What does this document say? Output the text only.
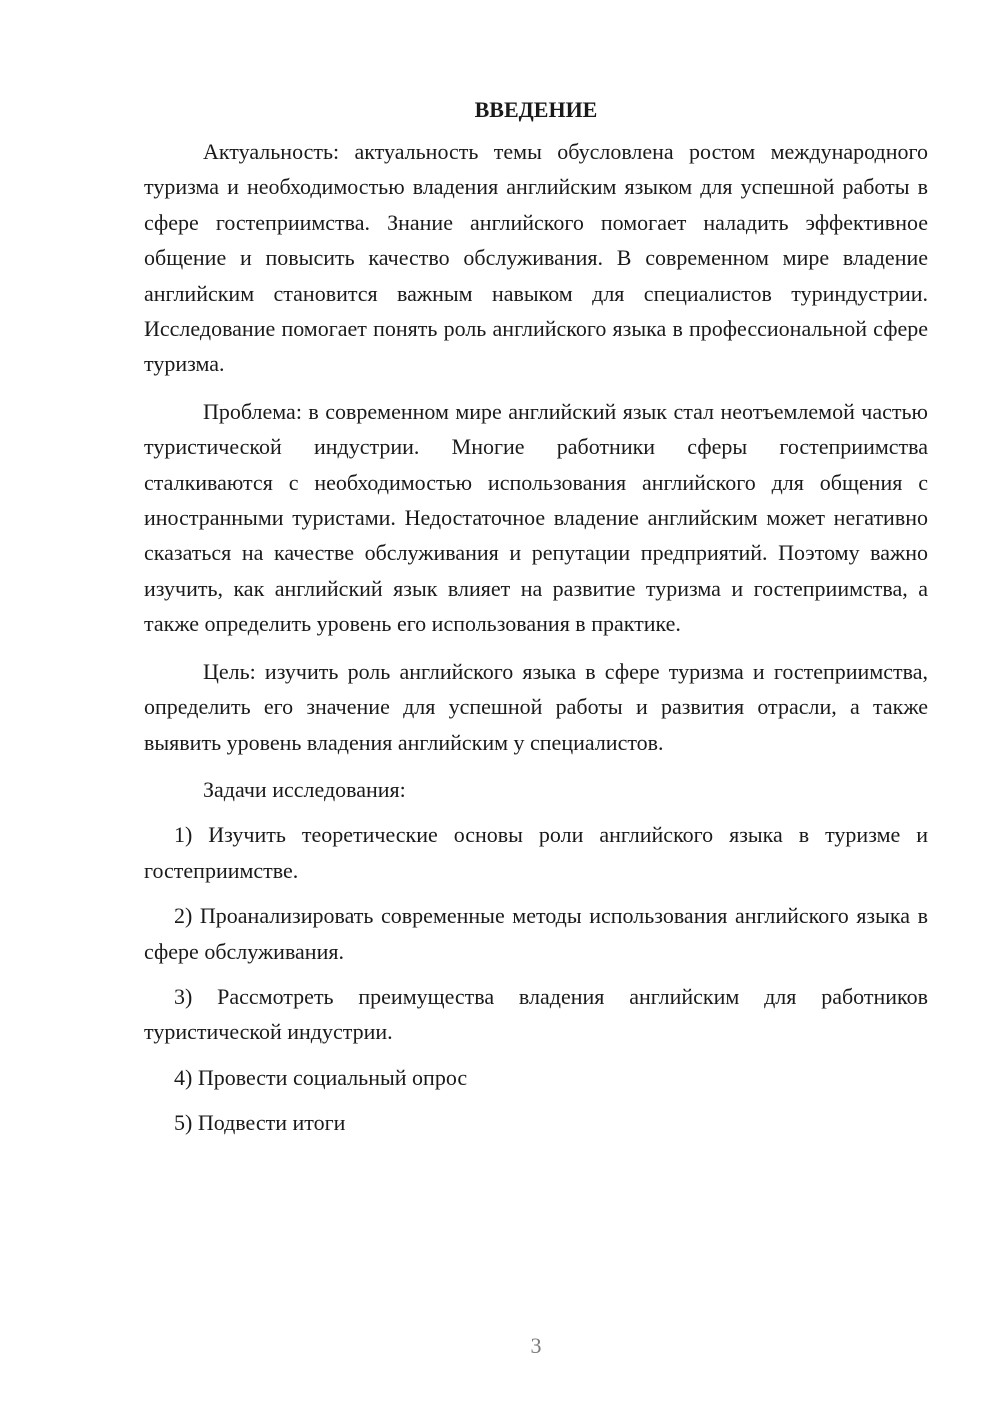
ВВЕДЕНИЕ

Актуальность: актуальность темы обусловлена ростом международного туризма и необходимостью владения английским языком для успешной работы в сфере гостеприимства. Знание английского помогает наладить эффективное общение и повысить качество обслуживания. В современном мире владение английским становится важным навыком для специалистов туриндустрии. Исследование помогает понять роль английского языка в профессиональной сфере туризма.

Проблема: в современном мире английский язык стал неотъемлемой частью туристической индустрии. Многие работники сферы гостеприимства сталкиваются с необходимостью использования английского для общения с иностранными туристами. Недостаточное владение английским может негативно сказаться на качестве обслуживания и репутации предприятий. Поэтому важно изучить, как английский язык влияет на развитие туризма и гостеприимства, а также определить уровень его использования в практике.

Цель: изучить роль английского языка в сфере туризма и гостеприимства, определить его значение для успешной работы и развития отрасли, а также выявить уровень владения английским у специалистов.

Задачи исследования:

1) Изучить теоретические основы роли английского языка в туризме и гостеприимстве.

2) Проанализировать современные методы использования английского языка в сфере обслуживания.

3) Рассмотреть преимущества владения английским для работников туристической индустрии.

4) Провести социальный опрос

5) Подвести итоги

3
